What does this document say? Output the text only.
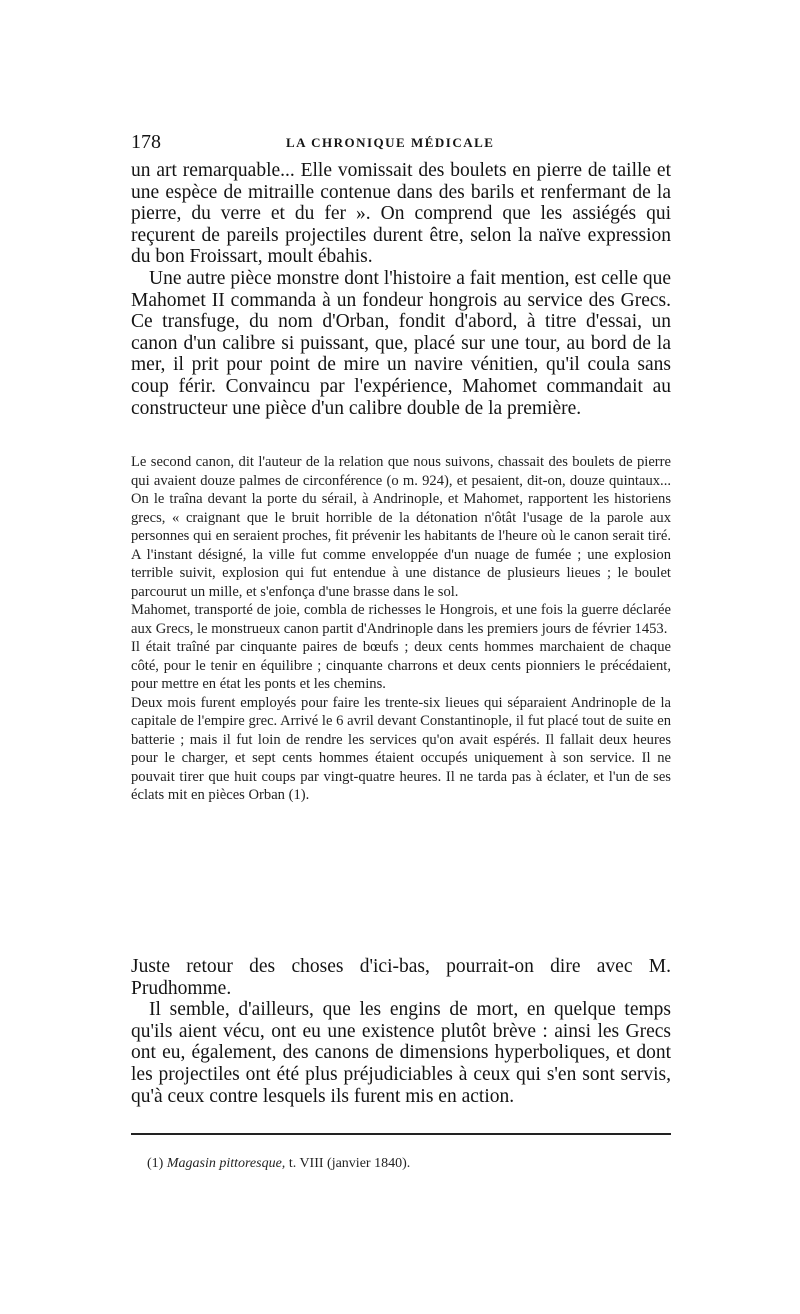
178	LA CHRONIQUE MÉDICALE

un art remarquable... Elle vomissait des boulets en pierre de taille et une espèce de mitraille contenue dans des barils et renfermant de la pierre, du verre et du fer ». On comprend que les assiégés qui reçurent de pareils projectiles durent être, selon la naïve expression du bon Froissart, moult ébahis.

Une autre pièce monstre dont l'histoire a fait mention, est celle que Mahomet II commanda à un fondeur hongrois au service des Grecs. Ce transfuge, du nom d'Orban, fondit d'abord, à titre d'essai, un canon d'un calibre si puissant, que, placé sur une tour, au bord de la mer, il prit pour point de mire un navire vénitien, qu'il coula sans coup férir. Convaincu par l'expérience, Mahomet commandait au constructeur une pièce d'un calibre double de la première.

Le second canon, dit l'auteur de la relation que nous suivons, chassait des boulets de pierre qui avaient douze palmes de circonférence (o m. 924), et pesaient, dit-on, douze quintaux... On le traîna devant la porte du sérail, à Andrinople, et Mahomet, rapportent les historiens grecs, « craignant que le bruit horrible de la détonation n'ôtât l'usage de la parole aux personnes qui en seraient proches, fit prévenir les habitants de l'heure où le canon serait tiré. A l'instant désigné, la ville fut comme enveloppée d'un nuage de fumée ; une explosion terrible suivit, explosion qui fut entendue à une distance de plusieurs lieues ; le boulet parcourut un mille, et s'enfonça d'une brasse dans le sol.

Mahomet, transporté de joie, combla de richesses le Hongrois, et une fois la guerre déclarée aux Grecs, le monstrueux canon partit d'Andrinople dans les premiers jours de février 1453.

Il était traîné par cinquante paires de bœufs ; deux cents hommes marchaient de chaque côté, pour le tenir en équilibre ; cinquante charrons et deux cents pionniers le précédaient, pour mettre en état les ponts et les chemins.

Deux mois furent employés pour faire les trente-six lieues qui séparaient Andrinople de la capitale de l'empire grec. Arrivé le 6 avril devant Constantinople, il fut placé tout de suite en batterie ; mais il fut loin de rendre les services qu'on avait espérés. Il fallait deux heures pour le charger, et sept cents hommes étaient occupés uniquement à son service. Il ne pouvait tirer que huit coups par vingt-quatre heures. Il ne tarda pas à éclater, et l'un de ses éclats mit en pièces Orban (1).

Juste retour des choses d'ici-bas, pourrait-on dire avec M. Prudhomme.

Il semble, d'ailleurs, que les engins de mort, en quelque temps qu'ils aient vécu, ont eu une existence plutôt brève : ainsi les Grecs ont eu, également, des canons de dimensions hyperboliques, et dont les projectiles ont été plus préjudiciables à ceux qui s'en sont servis, qu'à ceux contre lesquels ils furent mis en action.

(1) Magasin pittoresque, t. VIII (janvier 1840).
